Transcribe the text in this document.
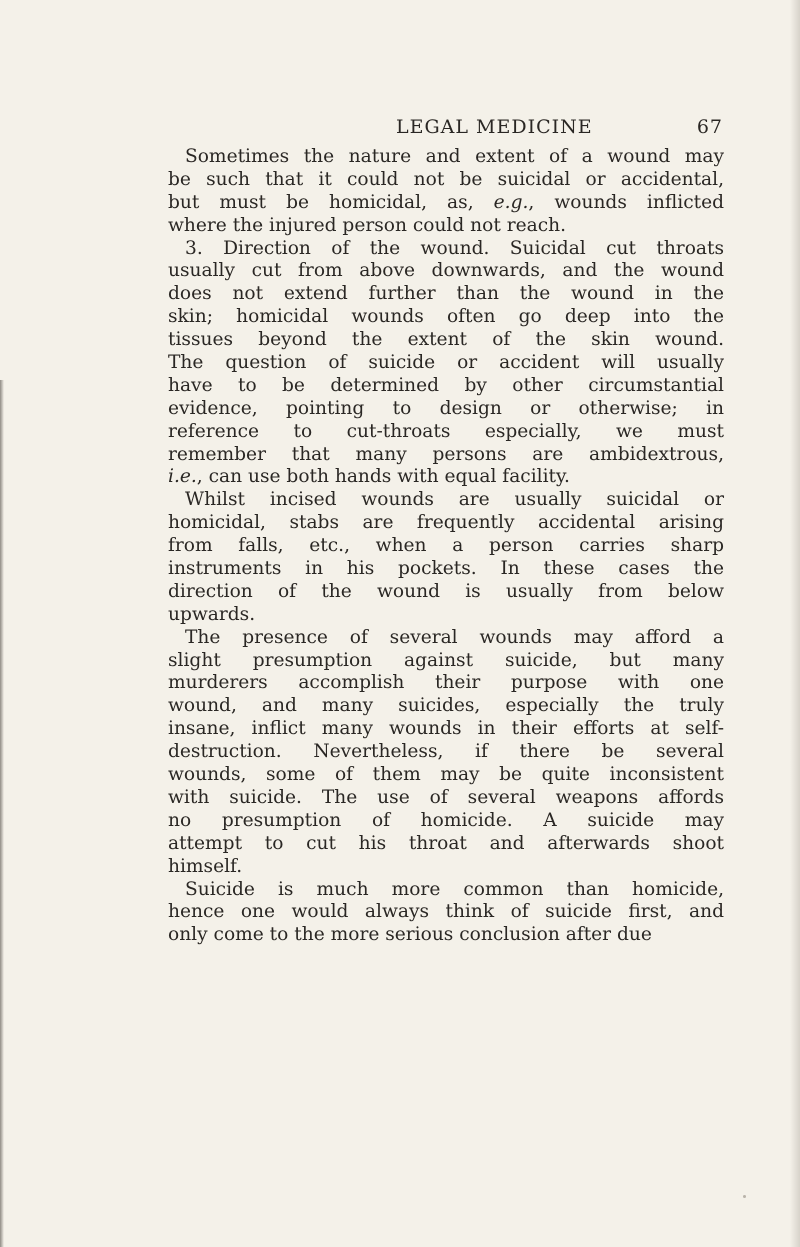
LEGAL MEDICINE	67
Sometimes the nature and extent of a wound may
be such that it could not be suicidal or accidental,
but must be homicidal, as, e.g., wounds inflicted
where the injured person could not reach.
3. Direction of the wound. Suicidal cut throats
usually cut from above downwards, and the wound
does not extend further than the wound in the
skin; homicidal wounds often go deep into the
tissues beyond the extent of the skin wound.
The question of suicide or accident will usually
have to be determined by other circumstantial
evidence, pointing to design or otherwise; in
reference to cut-throats especially, we must
remember that many persons are ambidextrous,
i.e., can use both hands with equal facility.
Whilst incised wounds are usually suicidal or
homicidal, stabs are frequently accidental arising
from falls, etc., when a person carries sharp
instruments in his pockets. In these cases the
direction of the wound is usually from below
upwards.
The presence of several wounds may afford a
slight presumption against suicide, but many
murderers accomplish their purpose with one
wound, and many suicides, especially the truly
insane, inflict many wounds in their efforts at self-
destruction. Nevertheless, if there be several
wounds, some of them may be quite inconsistent
with suicide. The use of several weapons affords
no presumption of homicide. A suicide may
attempt to cut his throat and afterwards shoot
himself.
Suicide is much more common than homicide,
hence one would always think of suicide first, and
only come to the more serious conclusion after due
